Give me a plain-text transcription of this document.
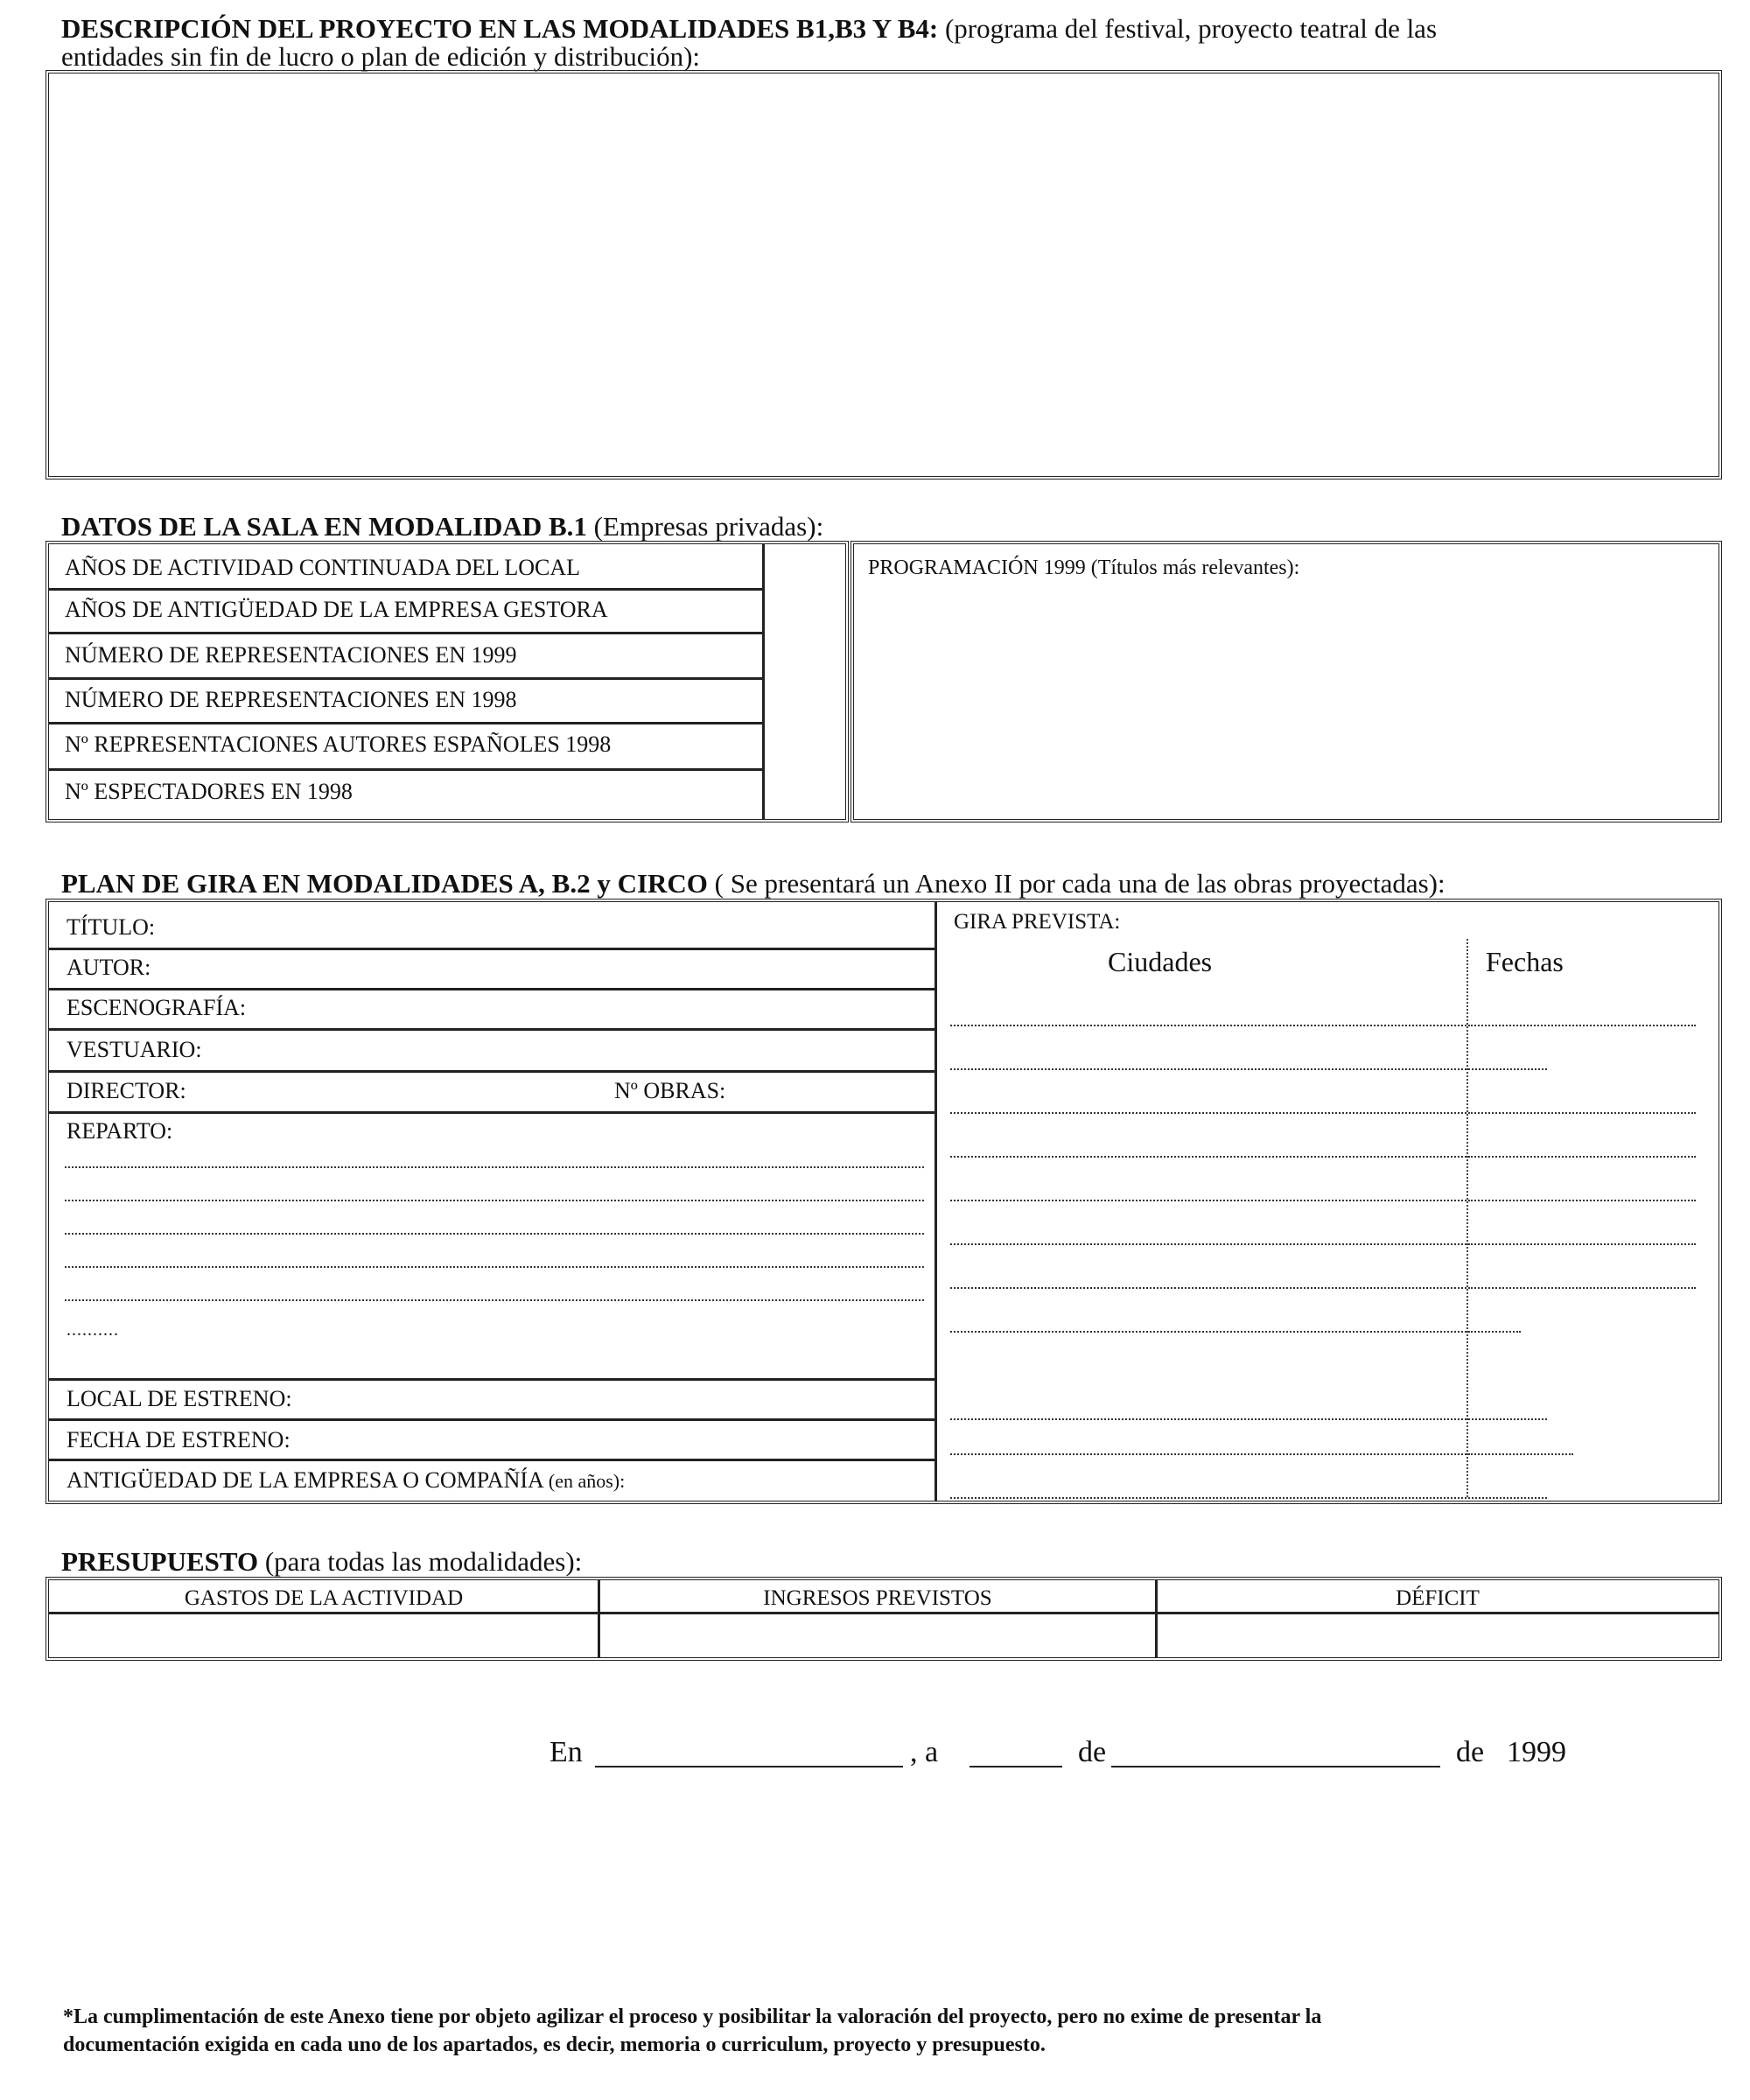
DESCRIPCIÓN DEL PROYECTO EN LAS MODALIDADES B1,B3 Y B4: (programa del festival, proyecto teatral de las
entidades sin fin de lucro o plan de edición y distribución):
DATOS DE LA SALA EN MODALIDAD B.1 (Empresas privadas):
AÑOS DE ACTIVIDAD CONTINUADA DEL LOCAL
AÑOS DE ANTIGÜEDAD DE LA EMPRESA GESTORA
NÚMERO DE REPRESENTACIONES EN 1999
NÚMERO DE REPRESENTACIONES EN 1998
Nº REPRESENTACIONES AUTORES ESPAÑOLES 1998
Nº ESPECTADORES EN 1998
PROGRAMACIÓN 1999 (Títulos más relevantes):
PLAN DE GIRA EN MODALIDADES A, B.2 y CIRCO ( Se presentará un Anexo II por cada una de las obras proyectadas):
TÍTULO:
AUTOR:
ESCENOGRAFÍA:
VESTUARIO:
DIRECTOR:	Nº OBRAS:
REPARTO:
..........
LOCAL DE ESTRENO:
FECHA DE ESTRENO:
ANTIGÜEDAD DE LA EMPRESA O COMPAÑÍA (en años):
GIRA PREVISTA:
Ciudades	Fechas
PRESUPUESTO (para todas las modalidades):
GASTOS DE LA ACTIVIDAD	INGRESOS PREVISTOS	DÉFICIT
En	, a	de	de 1999
*La cumplimentación de este Anexo tiene por objeto agilizar el proceso y posibilitar la valoración del proyecto, pero no exime de presentar la
documentación exigida en cada uno de los apartados, es decir, memoria o curriculum, proyecto y presupuesto.
